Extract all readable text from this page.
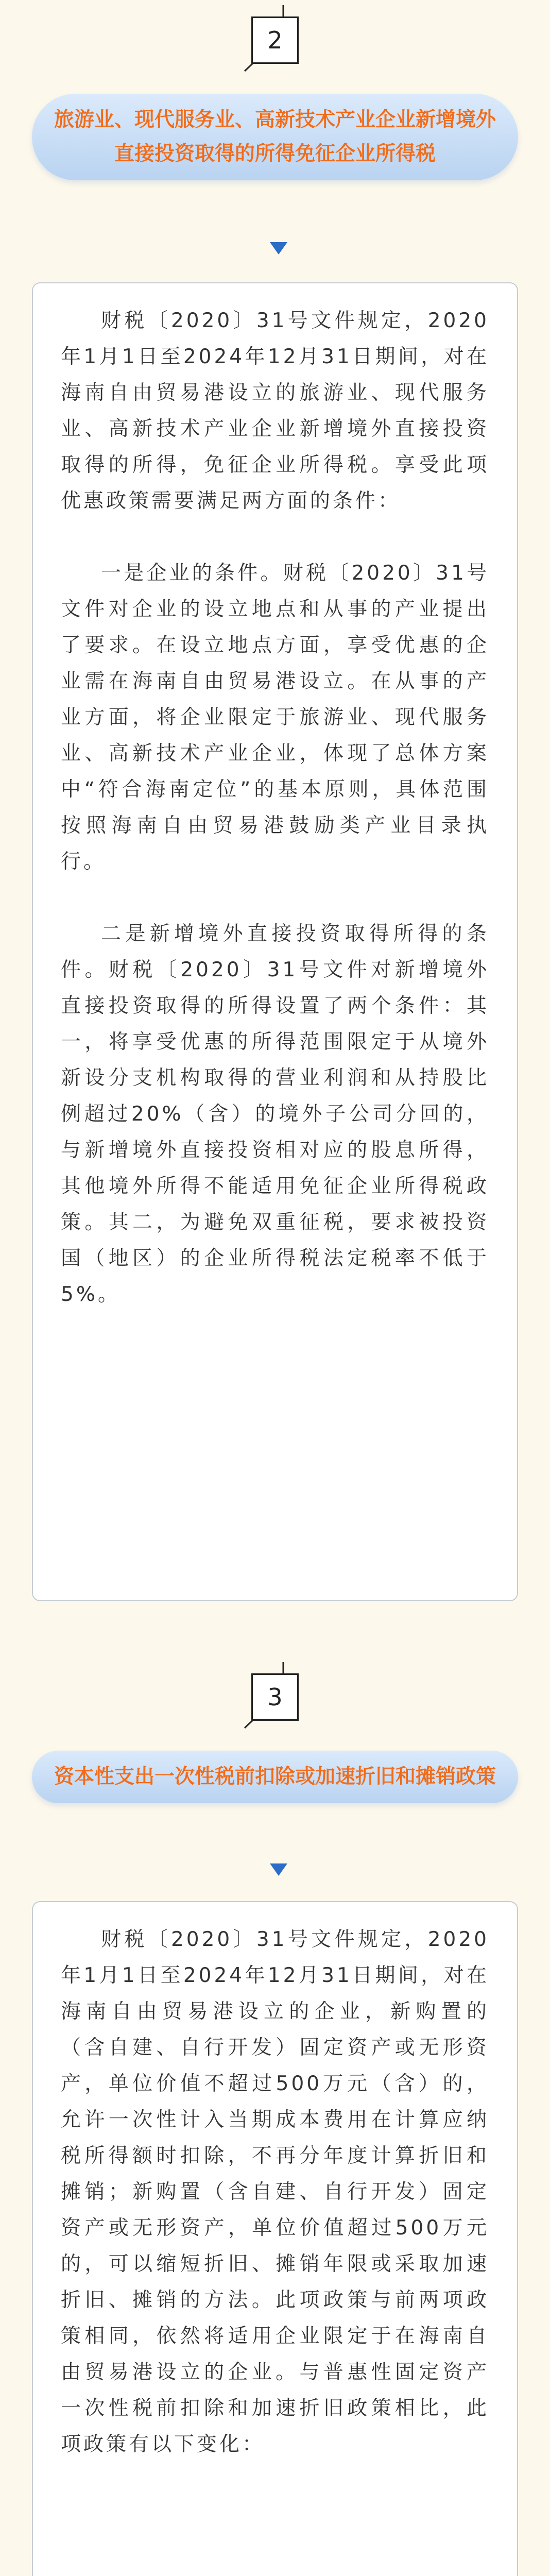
2
旅游业、现代服务业、高新技术产业企业新增境外直接投资取得的所得免征企业所得税

财税〔2020〕31号文件规定，2020年1月1日至2024年12月31日期间，对在海南自由贸易港设立的旅游业、现代服务业、高新技术产业企业新增境外直接投资取得的所得，免征企业所得税。享受此项优惠政策需要满足两方面的条件：

一是企业的条件。财税〔2020〕31号文件对企业的设立地点和从事的产业提出了要求。在设立地点方面，享受优惠的企业需在海南自由贸易港设立。在从事的产业方面，将企业限定于旅游业、现代服务业、高新技术产业企业，体现了总体方案中“符合海南定位”的基本原则，具体范围按照海南自由贸易港鼓励类产业目录执行。

二是新增境外直接投资取得所得的条件。财税〔2020〕31号文件对新增境外直接投资取得的所得设置了两个条件：其一，将享受优惠的所得范围限定于从境外新设分支机构取得的营业利润和从持股比例超过20%（含）的境外子公司分回的，与新增境外直接投资相对应的股息所得，其他境外所得不能适用免征企业所得税政策。其二，为避免双重征税，要求被投资国（地区）的企业所得税法定税率不低于5%。

3
资本性支出一次性税前扣除或加速折旧和摊销政策

财税〔2020〕31号文件规定，2020年1月1日至2024年12月31日期间，对在海南自由贸易港设立的企业，新购置的（含自建、自行开发）固定资产或无形资产，单位价值不超过500万元（含）的，允许一次性计入当期成本费用在计算应纳税所得额时扣除，不再分年度计算折旧和摊销；新购置（含自建、自行开发）固定资产或无形资产，单位价值超过500万元的，可以缩短折旧、摊销年限或采取加速折旧、摊销的方法。此项政策与前两项政策相同，依然将适用企业限定于在海南自由贸易港设立的企业。与普惠性固定资产一次性税前扣除和加速折旧政策相比，此项政策有以下变化：
